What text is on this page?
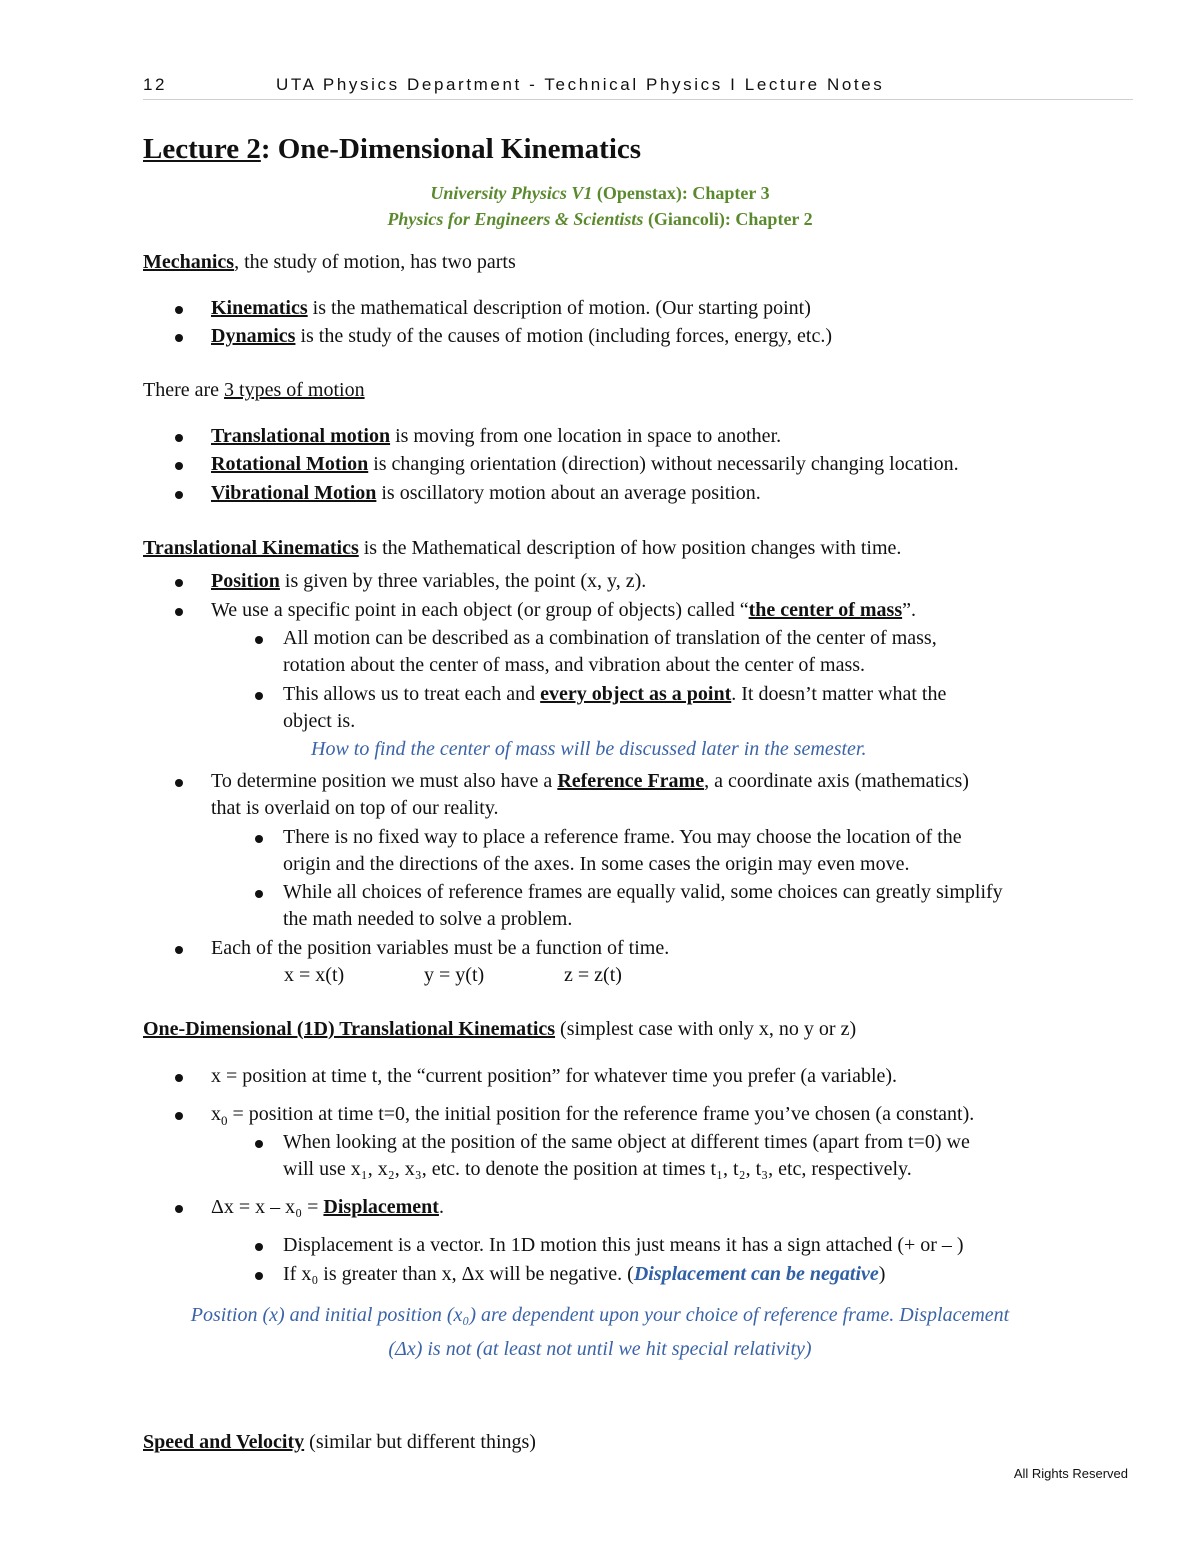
12	UTA Physics Department - Technical Physics I Lecture Notes
Lecture 2: One-Dimensional Kinematics
University Physics V1 (Openstax): Chapter 3
Physics for Engineers & Scientists (Giancoli): Chapter 2
Mechanics, the study of motion, has two parts
Kinematics is the mathematical description of motion. (Our starting point)
Dynamics is the study of the causes of motion (including forces, energy, etc.)
There are 3 types of motion
Translational motion is moving from one location in space to another.
Rotational Motion is changing orientation (direction) without necessarily changing location.
Vibrational Motion is oscillatory motion about an average position.
Translational Kinematics is the Mathematical description of how position changes with time.
Position is given by three variables, the point (x, y, z).
We use a specific point in each object (or group of objects) called “the center of mass”.
All motion can be described as a combination of translation of the center of mass,
rotation about the center of mass, and vibration about the center of mass.
This allows us to treat each and every object as a point. It doesn’t matter what the
object is.
How to find the center of mass will be discussed later in the semester.
To determine position we must also have a Reference Frame, a coordinate axis (mathematics)
that is overlaid on top of our reality.
There is no fixed way to place a reference frame. You may choose the location of the
origin and the directions of the axes. In some cases the origin may even move.
While all choices of reference frames are equally valid, some choices can greatly simplify
the math needed to solve a problem.
Each of the position variables must be a function of time.
x = x(t)	y = y(t)	z = z(t)
One-Dimensional (1D) Translational Kinematics (simplest case with only x, no y or z)
x = position at time t, the “current position” for whatever time you prefer (a variable).
$x_0$ = position at time t=0, the initial position for the reference frame you’ve chosen (a constant).
When looking at the position of the same object at different times (apart from t=0) we
will use x₁, x₂, x₃, etc. to denote the position at times t₁, t₂, t₃, etc, respectively.
Δx = x – x₀ = Displacement.
Displacement is a vector. In 1D motion this just means it has a sign attached (+ or – )
If x₀ is greater than x, Δx will be negative. (Displacement can be negative)
Position (x) and initial position (x₀) are dependent upon your choice of reference frame. Displacement
(Δx) is not (at least not until we hit special relativity)
Speed and Velocity (similar but different things)
All Rights Reserved
